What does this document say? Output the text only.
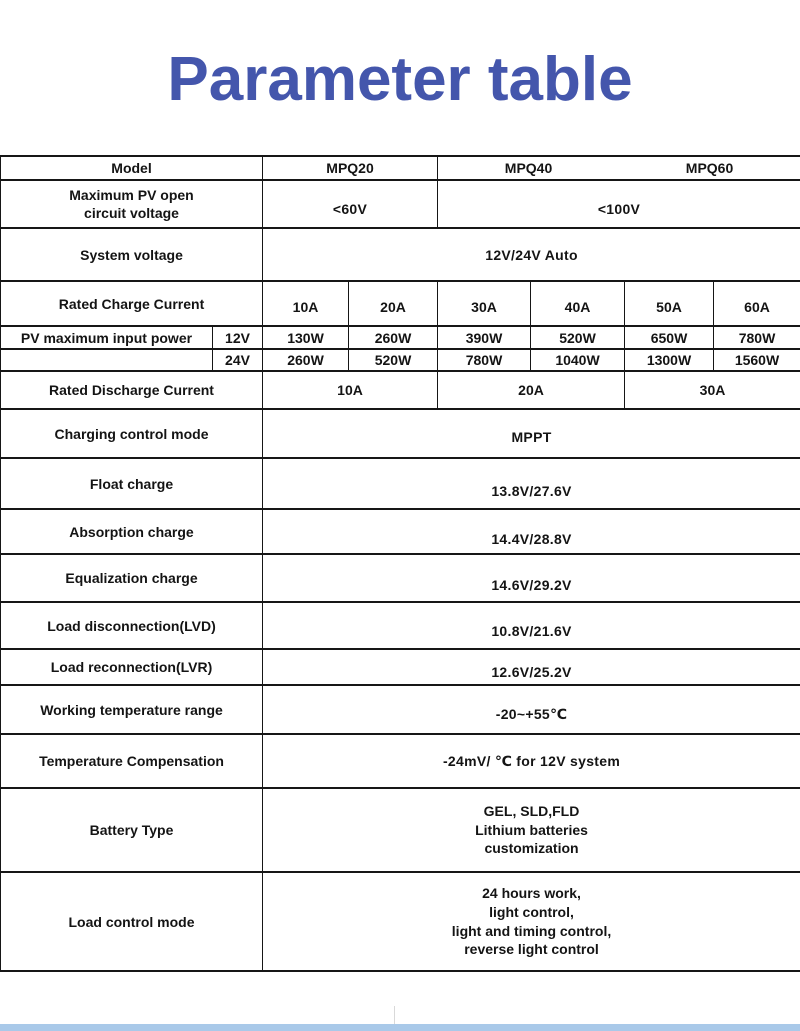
Parameter table
Model		MPQ20		MPQ40 MPQ60			

Maximum PV open
circuit voltage		<60V		<100V			
System voltage		12V/24V Auto					
Rated Charge Current		10A	20A	30A	40A	50A	60A
PV maximum input power	12V	130W	260W	390W	520W	650W	780W
	24V	260W	520W	780W	1040W	1300W	1560W
Rated Discharge Current		10A		20A		30A	
Charging control mode		MPPT					
Float charge		13.8V/27.6V					
Absorption charge		14.4V/28.8V					
Equalization charge		14.6V/29.2V					
Load disconnection(LVD)		10.8V/21.6V					
Load reconnection(LVR)		12.6V/25.2V					
Working temperature range		-20~+55℃					
Temperature Compensation		-24mV/ ℃ for 12V system					
Battery Type		GEL, SLD,FLD
Lithium batteries
customization					

Load control mode		24 hours work,
light control,
light and timing control,
reverse light control					
